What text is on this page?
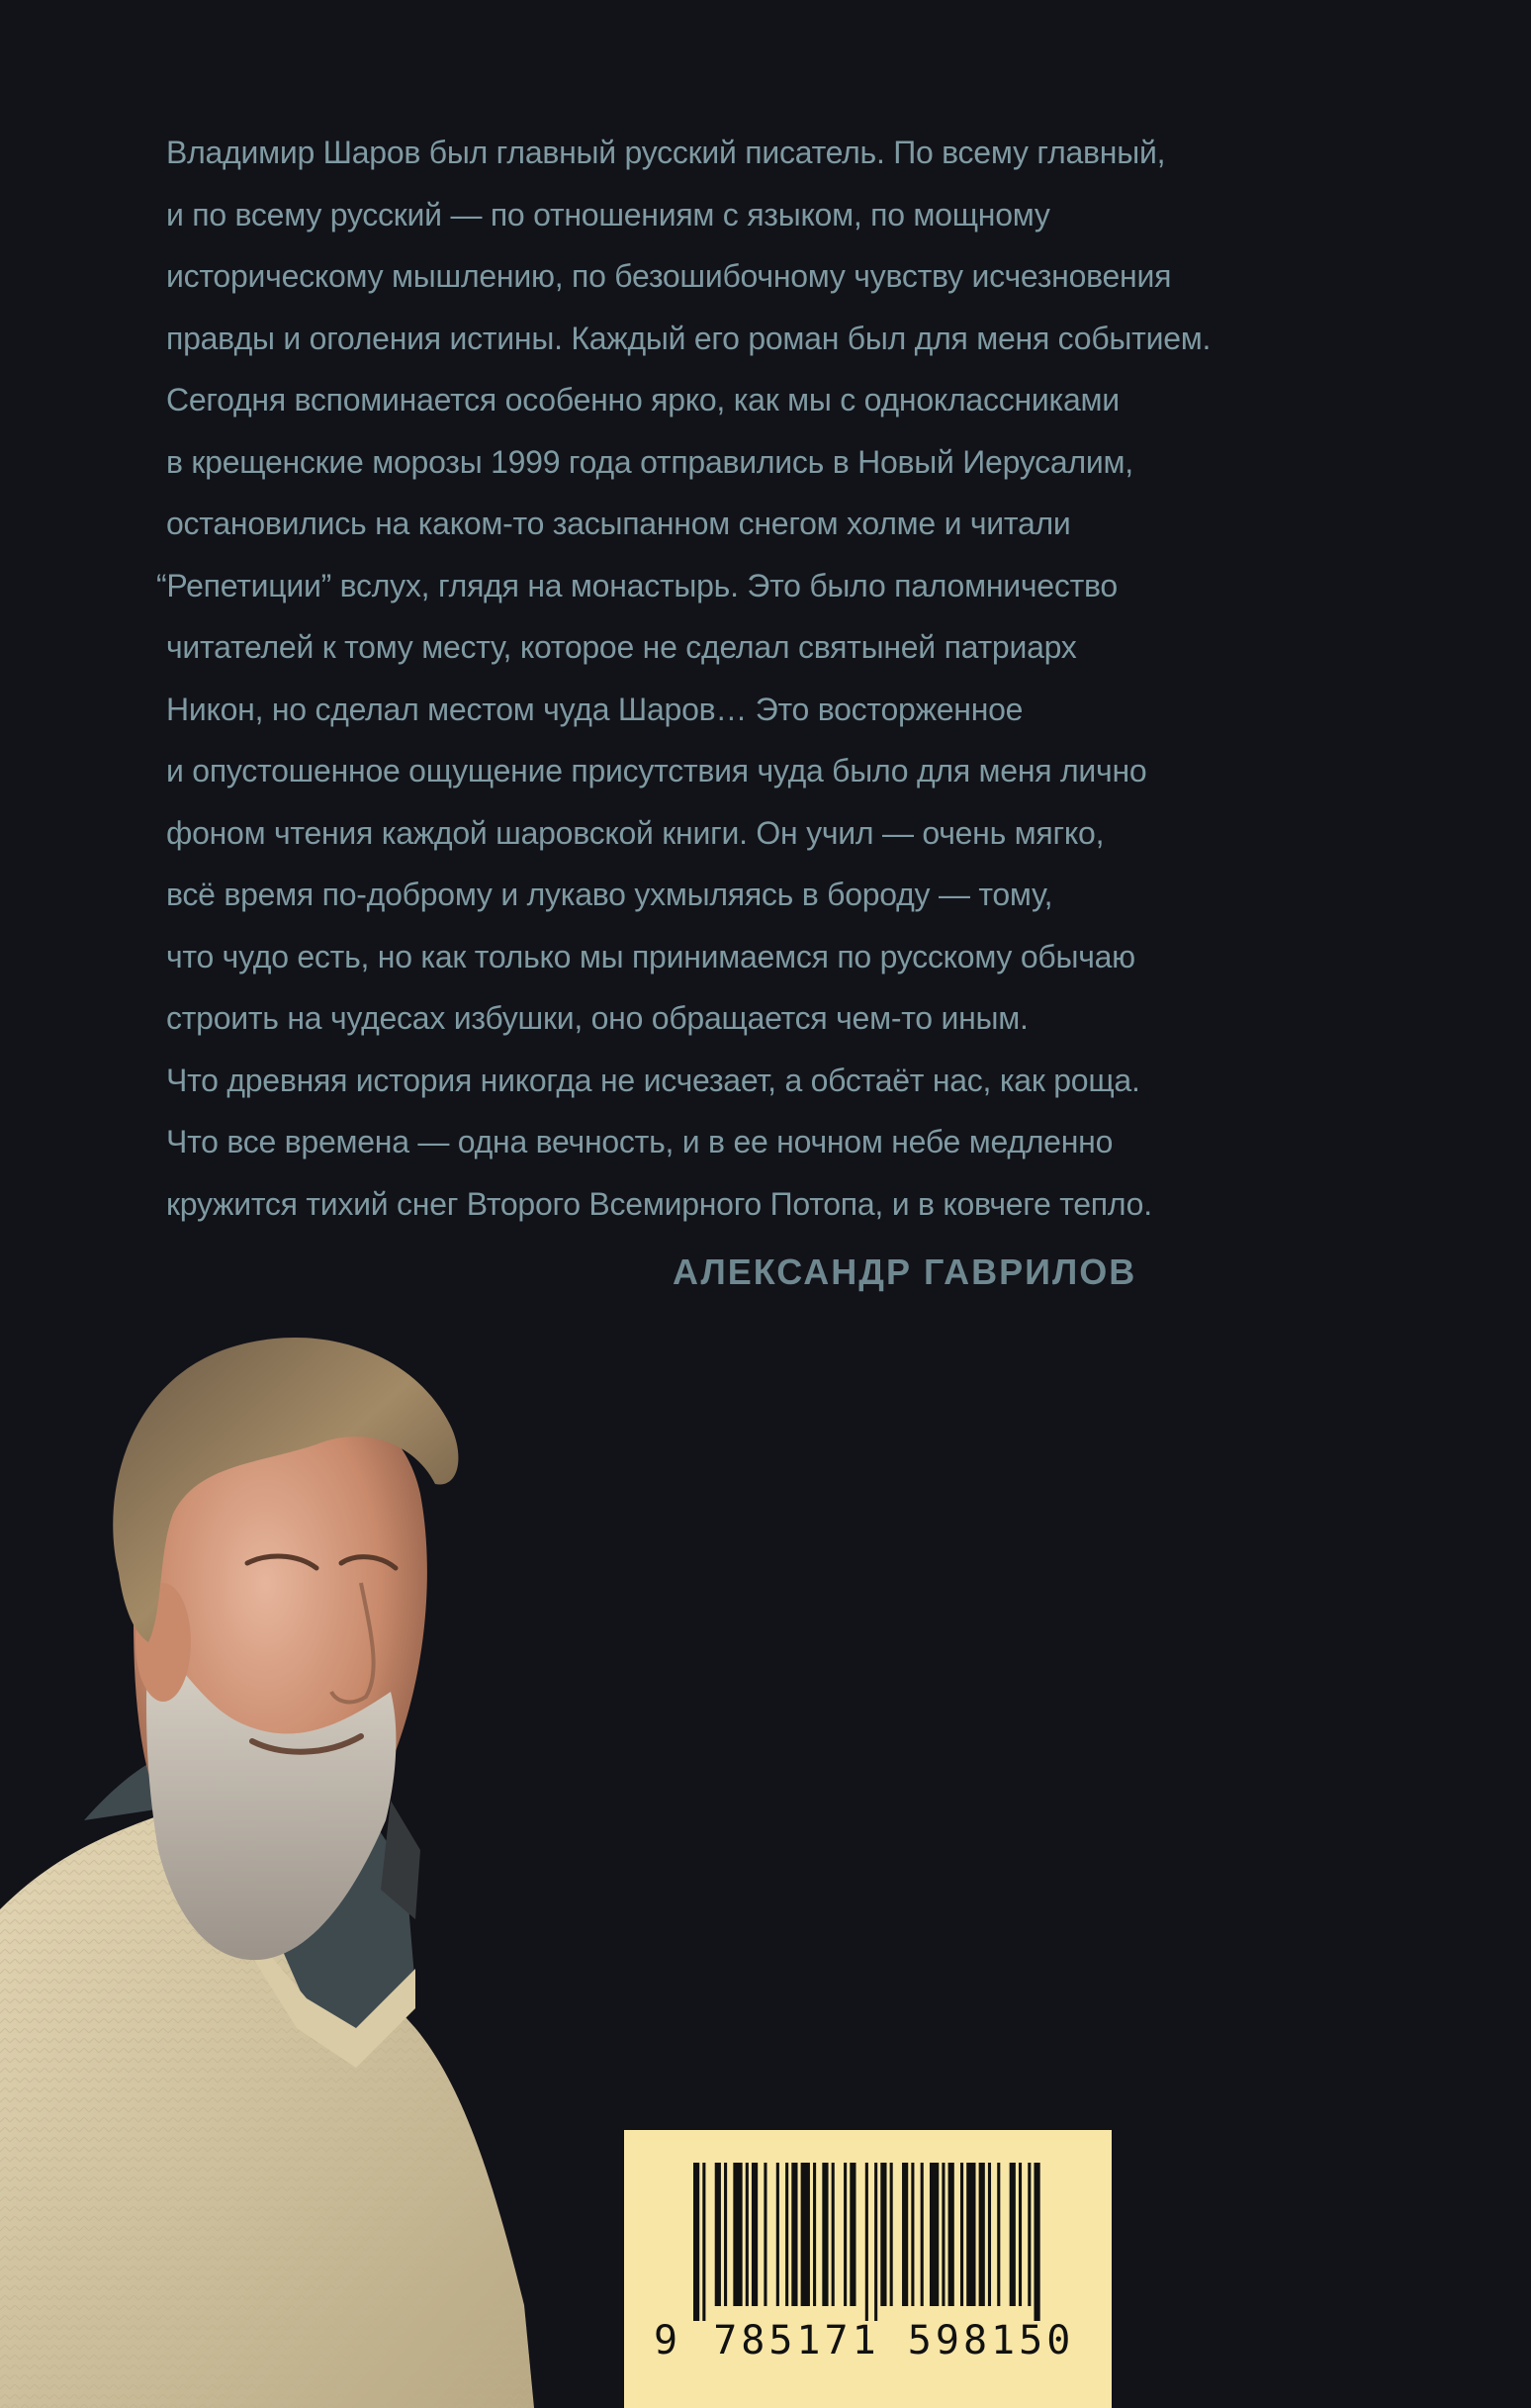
Владимир Шаров был главный русский писатель. По всему главный,
и по всему русский — по отношениям с языком, по мощному
историческому мышлению, по безошибочному чувству исчезновения
правды и оголения истины. Каждый его роман был для меня событием.
Сегодня вспоминается особенно ярко, как мы с одноклассниками
в крещенские морозы 1999 года отправились в Новый Иерусалим,
остановились на каком-то засыпанном снегом холме и читали
“Репетиции” вслух, глядя на монастырь. Это было паломничество
читателей к тому месту, которое не сделал святыней патриарх
Никон, но сделал местом чуда Шаров… Это восторженное
и опустошенное ощущение присутствия чуда было для меня лично
фоном чтения каждой шаровской книги. Он учил — очень мягко,
всё время по-доброму и лукаво ухмыляясь в бороду — тому,
что чудо есть, но как только мы принимаемся по русскому обычаю
строить на чудесах избушки, оно обращается чем-то иным.
Что древняя история никогда не исчезает, а обстаёт нас, как роща.
Что все времена — одна вечность, и в ее ночном небе медленно
кружится тихий снег Второго Всемирного Потопа, и в ковчеге тепло.
АЛЕКСАНДР ГАВРИЛОВ
9 785171 598150
